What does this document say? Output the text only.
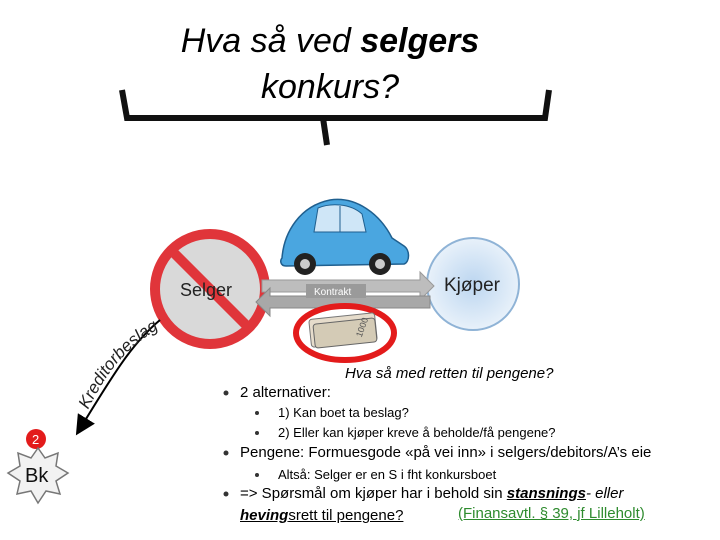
Hva så ved selgers
konkurs?
Selger	Kjøper
Kontrakt
1000
Kreditorbeslag
2
Bk
Hva så med retten til pengene?
2 alternativer:
1) Kan boet ta beslag?
2) Eller kan kjøper kreve å beholde/få pengene?
Pengene: Formuesgode «på vei inn» i selgers/debitors/A’s eie
Altså: Selger er en S i fht konkursboet
=> Spørsmål om kjøper har i behold sin stansnings- eller
hevingsrett til pengene?	(Finansavtl. § 39, jf Lilleholt)
